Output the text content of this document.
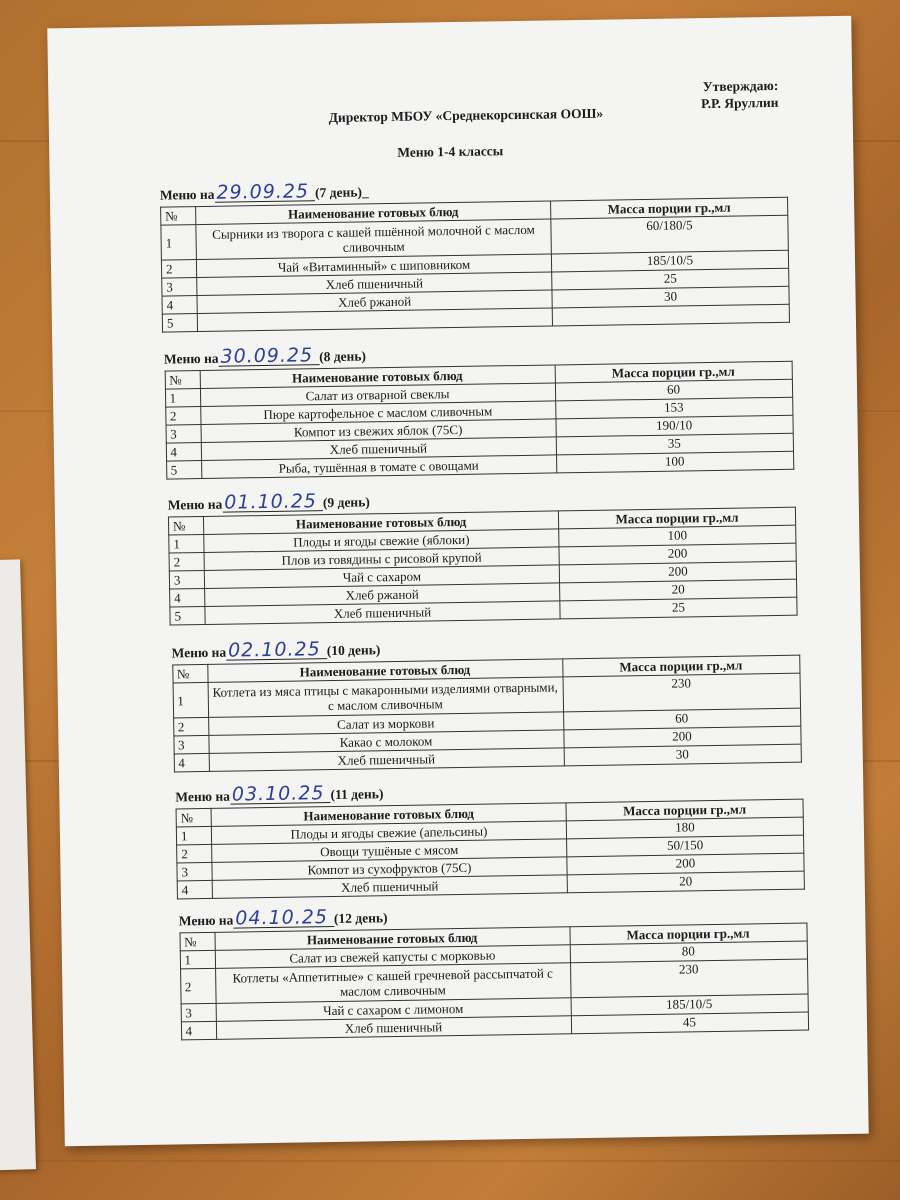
Утверждаю:
Р.Р. Яруллин
Директор МБОУ «Среднекорсинская ООШ»
Меню 1-4 классы
Меню на29.09.25 (7 день)_
№	Наименование готовых блюд	Масса порции гр.,мл
1	Сырники из творога с кашей пшённой молочной с маслом сливочным	60/180/5
2	Чай «Витаминный» с шиповником	185/10/5
3	Хлеб пшеничный	25
4	Хлеб ржаной	30
5		
Меню на30.09.25 (8 день)
№	Наименование готовых блюд	Масса порции гр.,мл
1	Салат из отварной свеклы	60
2	Пюре картофельное с маслом сливочным	153
3	Компот из свежих яблок (75С)	190/10
4	Хлеб пшеничный	35
5	Рыба, тушённая в томате с овощами	100
Меню на01.10.25 (9 день)
№	Наименование готовых блюд	Масса порции гр.,мл
1	Плоды и ягоды свежие (яблоки)	100
2	Плов из говядины с рисовой крупой	200
3	Чай с сахаром	200
4	Хлеб ржаной	20
5	Хлеб пшеничный	25
Меню на02.10.25 (10 день)
№	Наименование готовых блюд	Масса порции гр.,мл
1	Котлета из мяса птицы с макаронными изделиями отварными, с маслом сливочным	230
2	Салат из моркови	60
3	Какао с молоком	200
4	Хлеб пшеничный	30
Меню на03.10.25 (11 день)
№	Наименование готовых блюд	Масса порции гр.,мл
1	Плоды и ягоды свежие (апельсины)	180
2	Овощи тушёные с мясом	50/150
3	Компот из сухофруктов (75С)	200
4	Хлеб пшеничный	20
Меню на04.10.25 (12 день)
№	Наименование готовых блюд	Масса порции гр.,мл
1	Салат из свежей капусты с морковью	80
2	Котлеты «Аппетитные» с кашей гречневой рассыпчатой с маслом сливочным	230
3	Чай с сахаром с лимоном	185/10/5
4	Хлеб пшеничный	45
